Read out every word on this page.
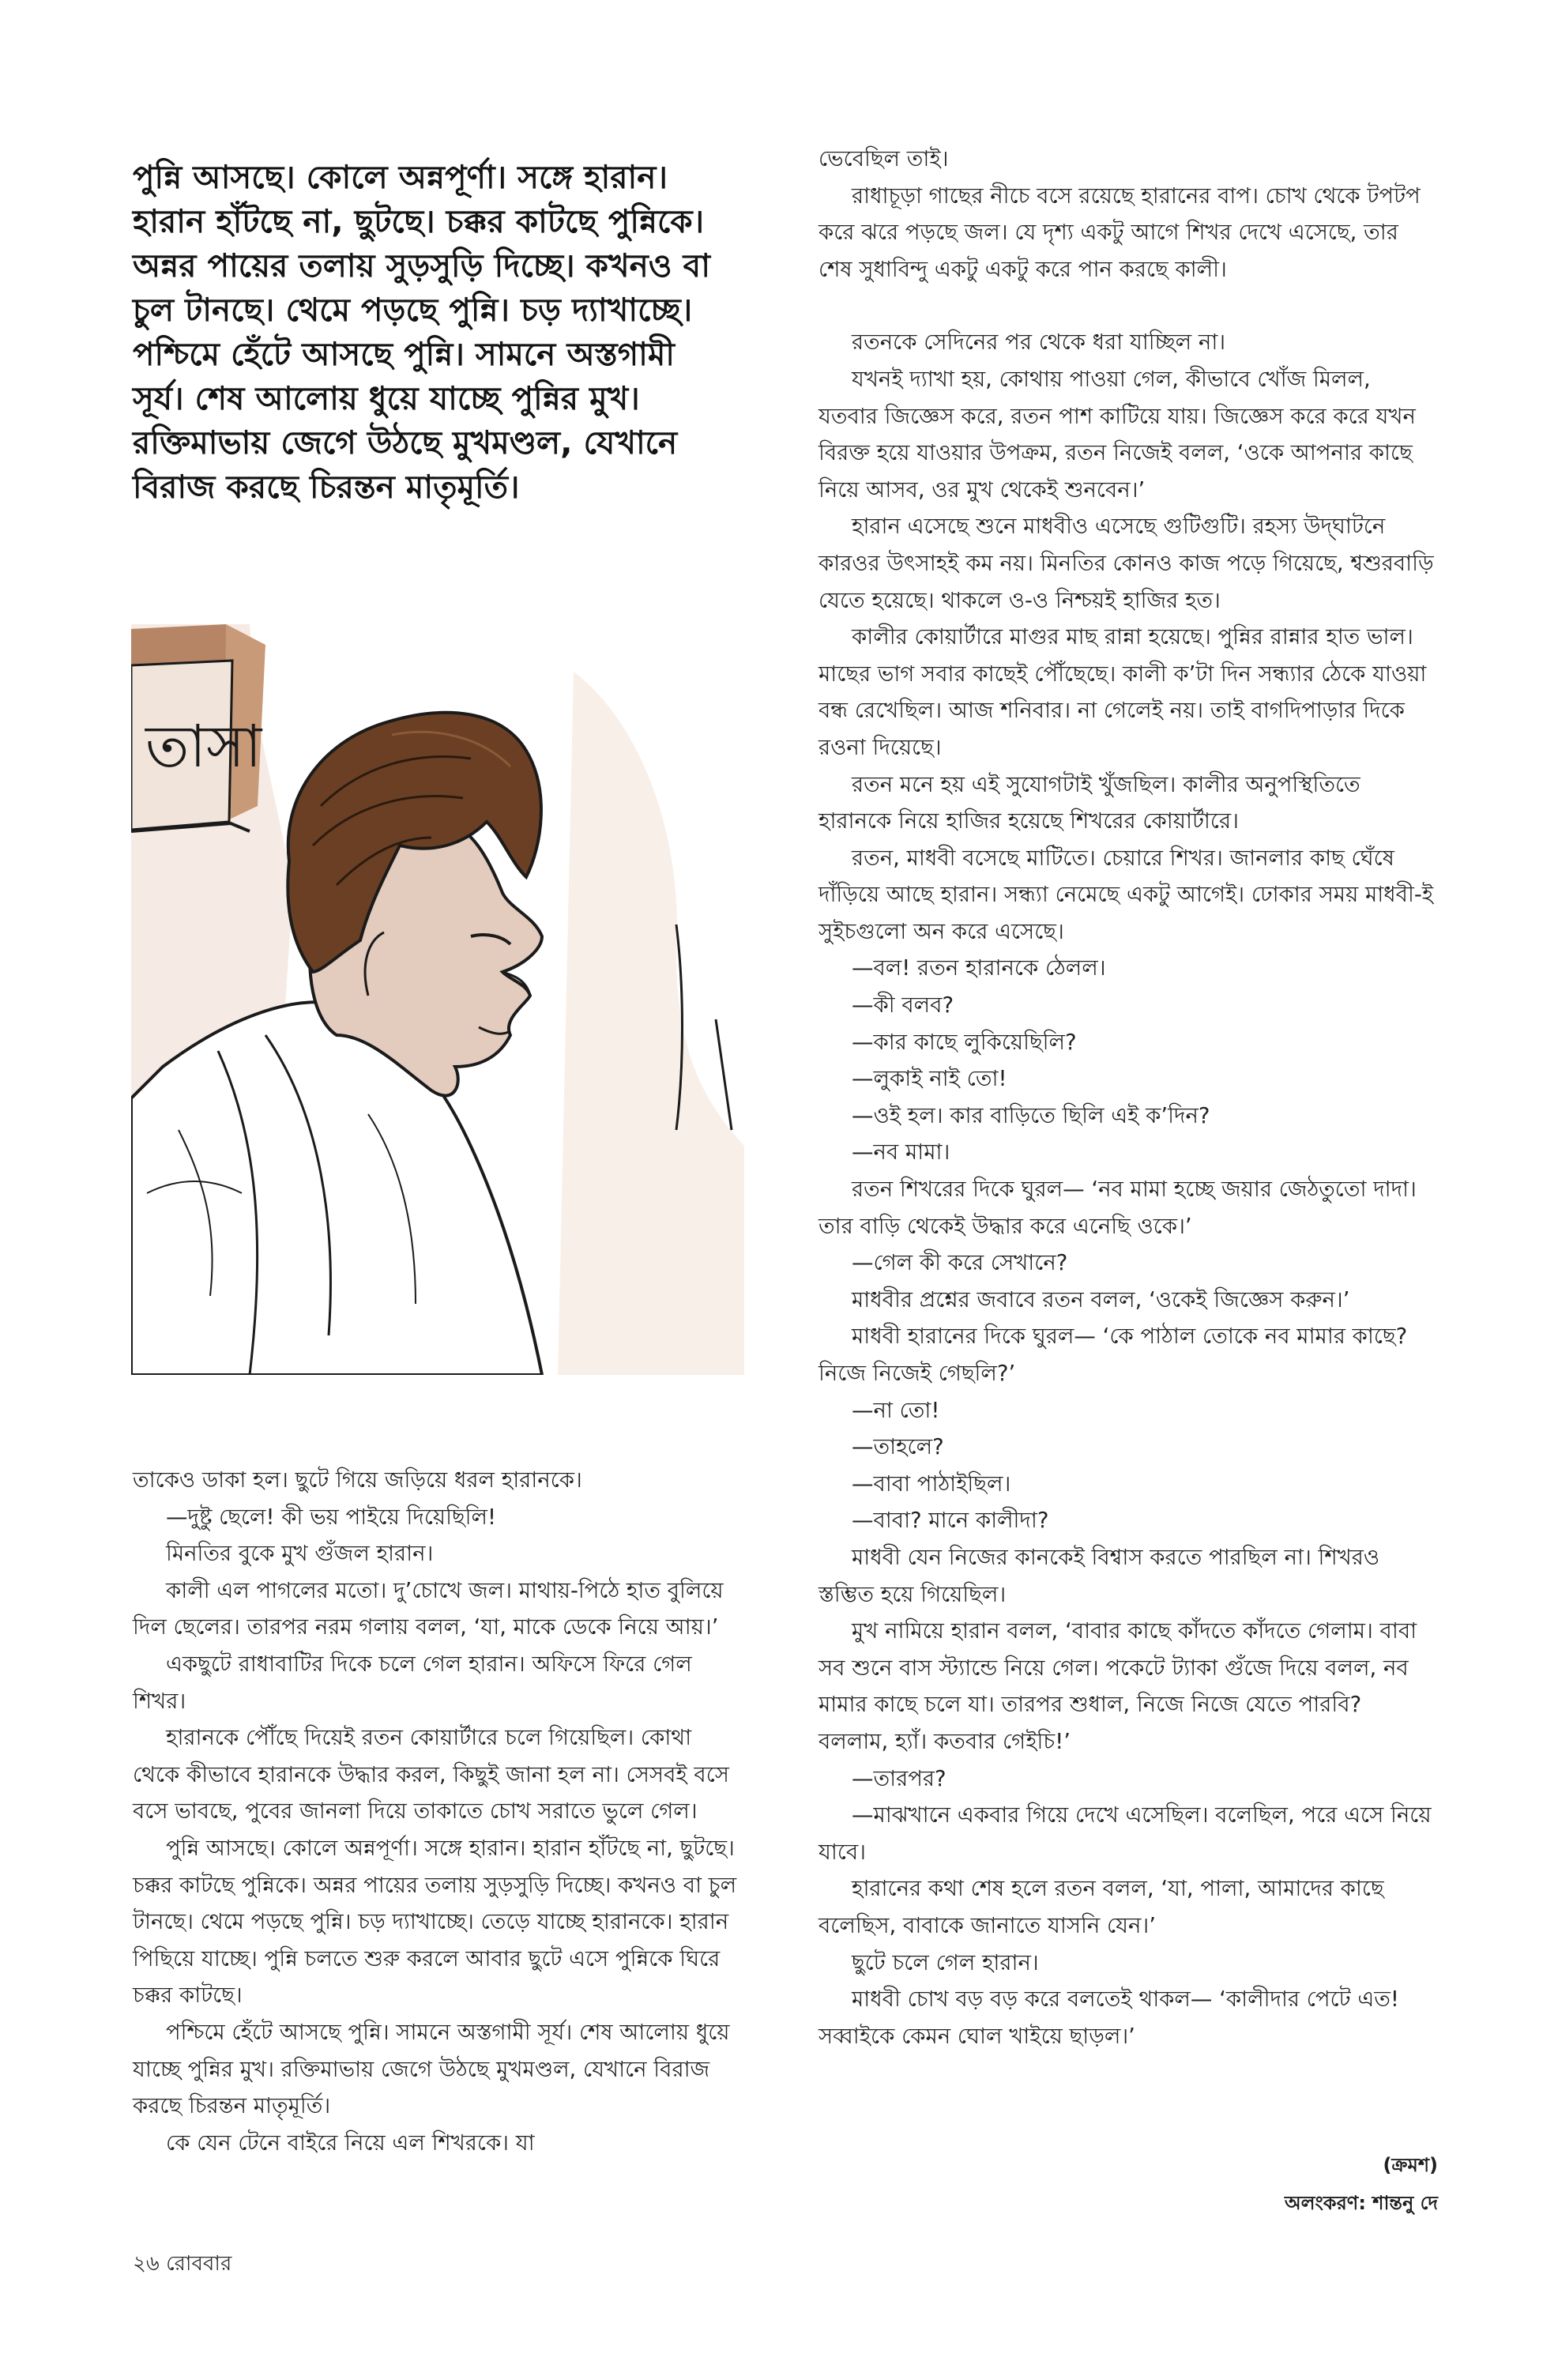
পুন্নি আসছে। কোলে অন্নপূর্ণা। সঙ্গে হারান। হারান হাঁটছে না, ছুটছে। চক্কর কাটছে পুন্নিকে। অন্নর পায়ের তলায় সুড়সুড়ি দিচ্ছে। কখনও বা চুল টানছে। থেমে পড়ছে পুন্নি। চড় দ্যাখাচ্ছে। পশ্চিমে হেঁটে আসছে পুন্নি। সামনে অস্তগামী সূর্য। শেষ আলোয় ধুয়ে যাচ্ছে পুন্নির মুখ। রক্তিমাভায় জেগে উঠছে মুখমণ্ডল, যেখানে বিরাজ করছে চিরন্তন মাতৃমূর্তি।

তাসা

তাকেও ডাকা হল। ছুটে গিয়ে জড়িয়ে ধরল হারানকে।

—দুষ্টু ছেলে! কী ভয় পাইয়ে দিয়েছিলি!

মিনতির বুকে মুখ গুঁজল হারান।

কালী এল পাগলের মতো। দু’চোখে জল। মাথায়-পিঠে হাত বুলিয়ে দিল ছেলের। তারপর নরম গলায় বলল, ‘যা, মাকে ডেকে নিয়ে আয়।’

একছুটে রাধাবাটির দিকে চলে গেল হারান। অফিসে ফিরে গেল শিখর।

হারানকে পৌঁছে দিয়েই রতন কোয়ার্টারে চলে গিয়েছিল। কোথা থেকে কীভাবে হারানকে উদ্ধার করল, কিছুই জানা হল না। সেসবই বসে বসে ভাবছে, পুবের জানলা দিয়ে তাকাতে চোখ সরাতে ভুলে গেল।

পুন্নি আসছে। কোলে অন্নপূর্ণা। সঙ্গে হারান। হারান হাঁটছে না, ছুটছে। চক্কর কাটছে পুন্নিকে। অন্নর পায়ের তলায় সুড়সুড়ি দিচ্ছে। কখনও বা চুল টানছে। থেমে পড়ছে পুন্নি। চড় দ্যাখাচ্ছে। তেড়ে যাচ্ছে হারানকে। হারান পিছিয়ে যাচ্ছে। পুন্নি চলতে শুরু করলে আবার ছুটে এসে পুন্নিকে ঘিরে চক্কর কাটছে।

পশ্চিমে হেঁটে আসছে পুন্নি। সামনে অস্তগামী সূর্য। শেষ আলোয় ধুয়ে যাচ্ছে পুন্নির মুখ। রক্তিমাভায় জেগে উঠছে মুখমণ্ডল, যেখানে বিরাজ করছে চিরন্তন মাতৃমূর্তি।

কে যেন টেনে বাইরে নিয়ে এল শিখরকে। যা

ভেবেছিল তাই।

রাধাচূড়া গাছের নীচে বসে রয়েছে হারানের বাপ। চোখ থেকে টপটপ করে ঝরে পড়ছে জল। যে দৃশ্য একটু আগে শিখর দেখে এসেছে, তার শেষ সুধাবিন্দু একটু একটু করে পান করছে কালী।

রতনকে সেদিনের পর থেকে ধরা যাচ্ছিল না।

যখনই দ্যাখা হয়, কোথায় পাওয়া গেল, কীভাবে খোঁজ মিলল, যতবার জিজ্ঞেস করে, রতন পাশ কাটিয়ে যায়। জিজ্ঞেস করে করে যখন বিরক্ত হয়ে যাওয়ার উপক্রম, রতন নিজেই বলল, ‘ওকে আপনার কাছে নিয়ে আসব, ওর মুখ থেকেই শুনবেন।’

হারান এসেছে শুনে মাধবীও এসেছে গুটিগুটি। রহস্য উদ্‌ঘাটনে কারওর উৎসাহই কম নয়। মিনতির কোনও কাজ পড়ে গিয়েছে, শ্বশুরবাড়ি যেতে হয়েছে। থাকলে ও-ও নিশ্চয়ই হাজির হত।

কালীর কোয়ার্টারে মাগুর মাছ রান্না হয়েছে। পুন্নির রান্নার হাত ভাল। মাছের ভাগ সবার কাছেই পৌঁছেছে। কালী ক’টা দিন সন্ধ্যার ঠেকে যাওয়া বন্ধ রেখেছিল। আজ শনিবার। না গেলেই নয়। তাই বাগদিপাড়ার দিকে রওনা দিয়েছে।

রতন মনে হয় এই সুযোগটাই খুঁজছিল। কালীর অনুপস্থিতিতে হারানকে নিয়ে হাজির হয়েছে শিখরের কোয়ার্টারে।

রতন, মাধবী বসেছে মাটিতে। চেয়ারে শিখর। জানলার কাছ ঘেঁষে দাঁড়িয়ে আছে হারান। সন্ধ্যা নেমেছে একটু আগেই। ঢোকার সময় মাধবী-ই সুইচগুলো অন করে এসেছে।

—বল! রতন হারানকে ঠেলল।

—কী বলব?

—কার কাছে লুকিয়েছিলি?

—লুকাই নাই তো!

—ওই হল। কার বাড়িতে ছিলি এই ক’দিন?

—নব মামা।

রতন শিখরের দিকে ঘুরল— ‘নব মামা হচ্ছে জয়ার জেঠতুতো দাদা। তার বাড়ি থেকেই উদ্ধার করে এনেছি ওকে।’

—গেল কী করে সেখানে?

মাধবীর প্রশ্নের জবাবে রতন বলল, ‘ওকেই জিজ্ঞেস করুন।’

মাধবী হারানের দিকে ঘুরল— ‘কে পাঠাল তোকে নব মামার কাছে? নিজে নিজেই গেছলি?’

—না তো!

—তাহলে?

—বাবা পাঠাইছিল।

—বাবা? মানে কালীদা?

মাধবী যেন নিজের কানকেই বিশ্বাস করতে পারছিল না। শিখরও স্তম্ভিত হয়ে গিয়েছিল।

মুখ নামিয়ে হারান বলল, ‘বাবার কাছে কাঁদতে কাঁদতে গেলাম। বাবা সব শুনে বাস স্ট্যান্ডে নিয়ে গেল। পকেটে ট্যাকা গুঁজে দিয়ে বলল, নব মামার কাছে চলে যা। তারপর শুধাল, নিজে নিজে যেতে পারবি? বললাম, হ্যাঁ। কতবার গেইচি!’

—তারপর?

—মাঝখানে একবার গিয়ে দেখে এসেছিল। বলেছিল, পরে এসে নিয়ে যাবে।

হারানের কথা শেষ হলে রতন বলল, ‘যা, পালা, আমাদের কাছে বলেছিস, বাবাকে জানাতে যাসনি যেন।’

ছুটে চলে গেল হারান।

মাধবী চোখ বড় বড় করে বলতেই থাকল— ‘কালীদার পেটে এত! সব্বাইকে কেমন ঘোল খাইয়ে ছাড়ল।’

(ক্রমশ)
অলংকরণ: শান্তনু দে
২৬ রোববার
